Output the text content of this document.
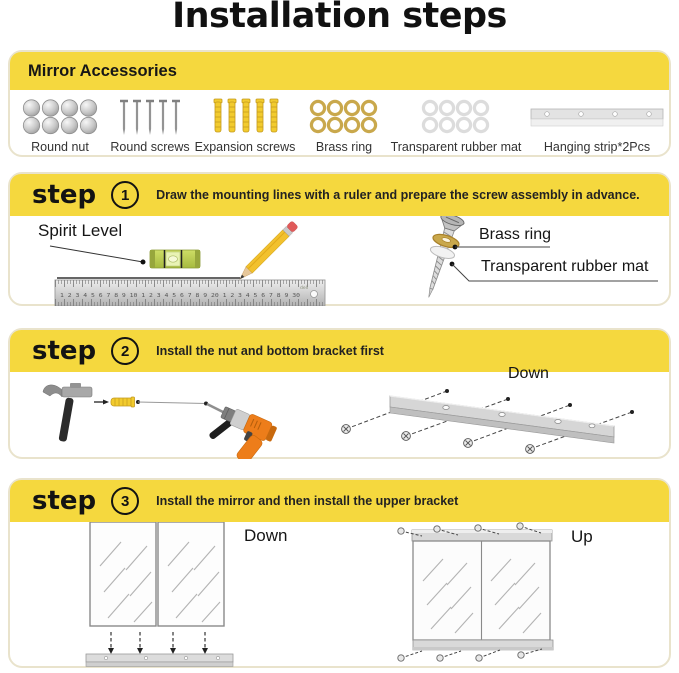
Installation steps
Mirror Accessories
Round nut Round screws Expansion screws Brass ring Transparent rubber mat Hanging strip*2Pcs
step	1	Draw the mounting lines with a ruler and prepare the screw assembly in advance.
1 2 3 4 5 6 7 8 9 10 1 2 3 4 5 6 7 8 9 20 1 2 3 4 5 6 7 8 9 30
deli
step	2	Install the nut and bottom bracket first
step	3	Install the mirror and then install the upper bracket
Spirit Level	Brass ring
Transparent rubber mat
Down
Down	Up
